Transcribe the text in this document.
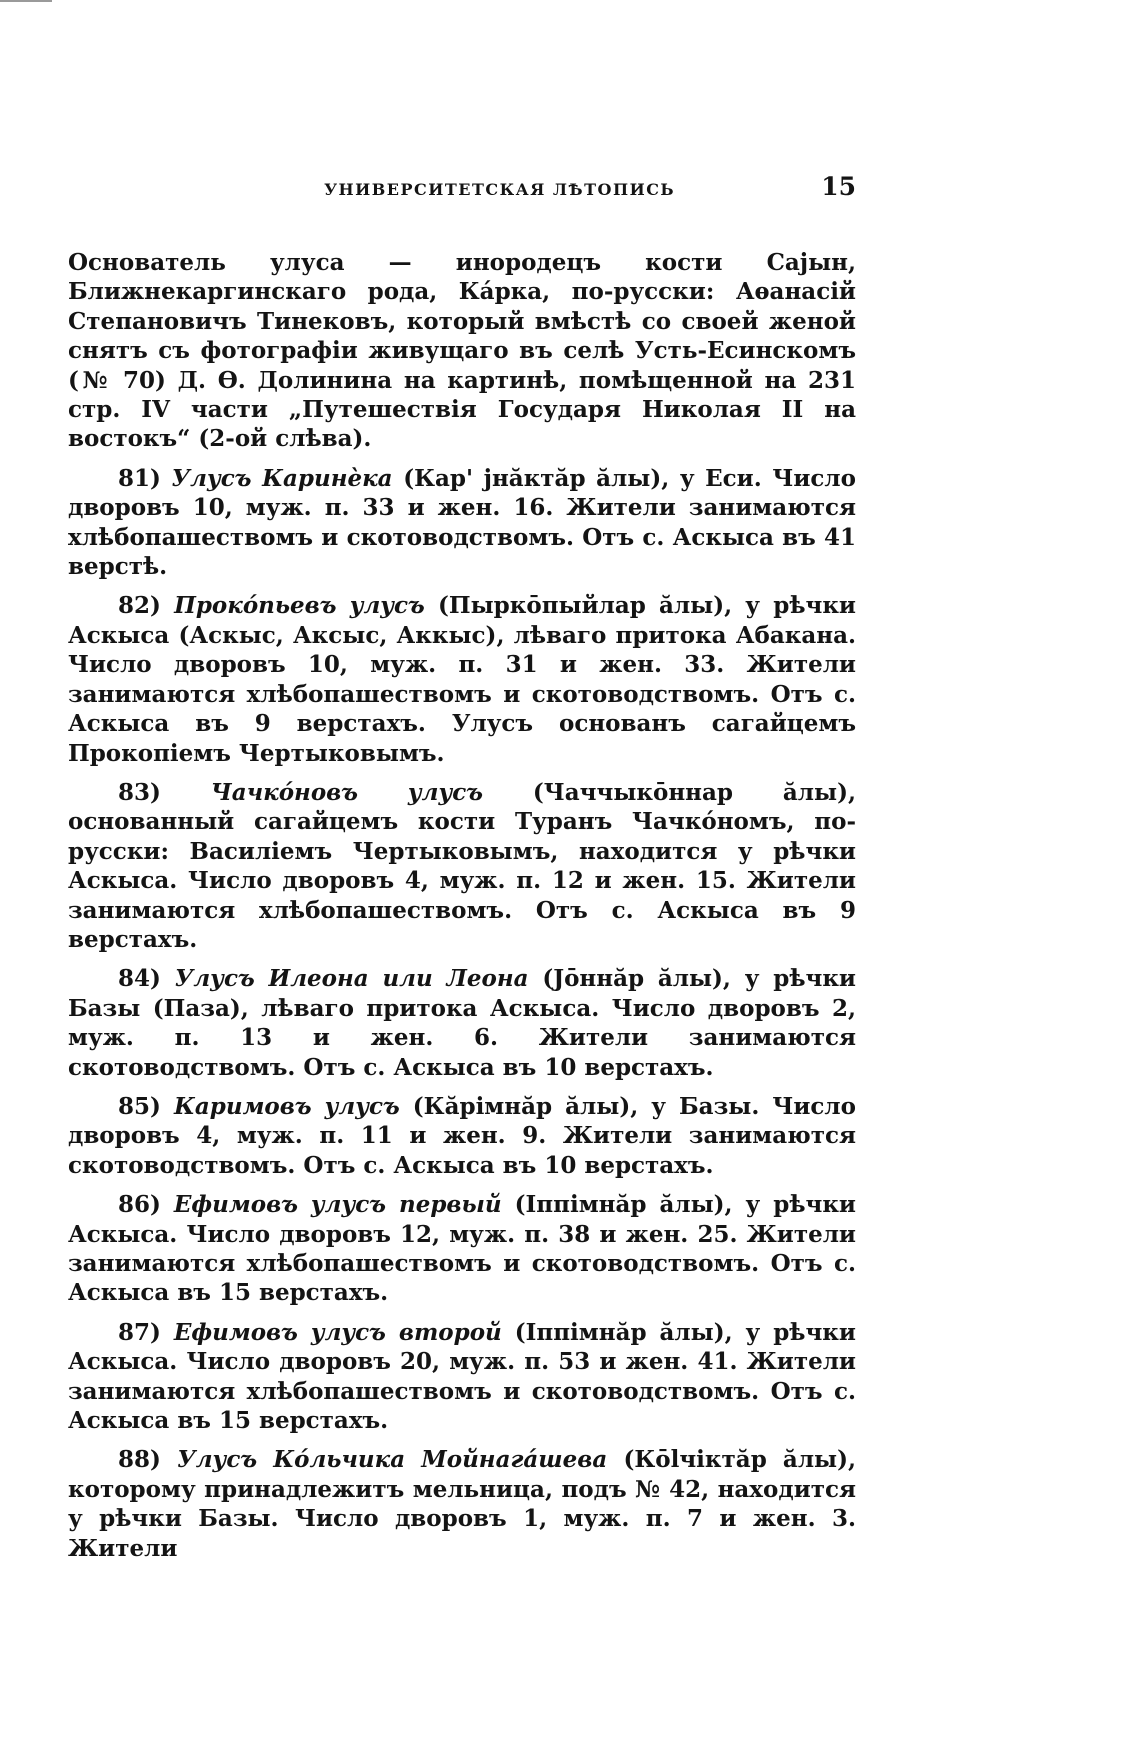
УНИВЕРСИТЕТСКАЯ ЛѢТОПИСЬ	15

Основатель улуса — инородецъ кости Саjын, Ближнекаргинскаго рода, Ка́рка, по-русски: Аѳанасій Степановичъ Тинековъ, который вмѣстѣ со своей женой снятъ съ фотографіи живущаго въ селѣ Усть-Есинскомъ (№ 70) Д. Ѳ. Долинина на картинѣ, помѣщенной на 231 стр. IV части „Путешествія Государя Николая II на востокъ“ (2-ой слѣва).

81) Улусъ Каринѐка (Кар' јнăктăр ăлы), у Еси. Число дворовъ 10, муж. п. 33 и жен. 16. Жители занимаются хлѣбопашествомъ и скотоводствомъ. Отъ с. Аскыса въ 41 верстѣ.

82) Прокóпьевъ улусъ (Пыркōпыйлар ăлы), у рѣчки Аскыса (Аскыс, Аксыс, Аккыс), лѣваго притока Абакана. Число дворовъ 10, муж. п. 31 и жен. 33. Жители занимаются хлѣбопашествомъ и скотоводствомъ. Отъ с. Аскыса въ 9 верстахъ. Улусъ основанъ сагайцемъ Прокопіемъ Чертыковымъ.

83) Чачкóновъ улусъ (Чаччыкōннар ăлы), основанный сагайцемъ кости Туранъ Чачкóномъ, по-русски: Василіемъ Чертыковымъ, находится у рѣчки Аскыса. Число дворовъ 4, муж. п. 12 и жен. 15. Жители занимаются хлѣбопашествомъ. Отъ с. Аскыса въ 9 верстахъ.

84) Улусъ Илеона или Леона (Јōннăр ăлы), у рѣчки Базы (Паза), лѣваго притока Аскыса. Число дворовъ 2, муж. п. 13 и жен. 6. Жители занимаются скотоводствомъ. Отъ с. Аскыса въ 10 верстахъ.

85) Каримовъ улусъ (Кăрімнăр ăлы), у Базы. Число дворовъ 4, муж. п. 11 и жен. 9. Жители занимаются скотоводствомъ. Отъ с. Аскыса въ 10 верстахъ.

86) Ефимовъ улусъ первый (Іппімнăр ăлы), у рѣчки Аскыса. Число дворовъ 12, муж. п. 38 и жен. 25. Жители занимаются хлѣбопашествомъ и скотоводствомъ. Отъ с. Аскыса въ 15 верстахъ.

87) Ефимовъ улусъ второй (Іппімнăр ăлы), у рѣчки Аскыса. Число дворовъ 20, муж. п. 53 и жен. 41. Жители занимаются хлѣбопашествомъ и скотоводствомъ. Отъ с. Аскыса въ 15 верстахъ.

88) Улусъ Кóльчика Мойнагáшева (Кōlчіктăр ăлы), которому принадлежитъ мельница, подъ № 42, находится у рѣчки Базы. Число дворовъ 1, муж. п. 7 и жен. 3. Жители
